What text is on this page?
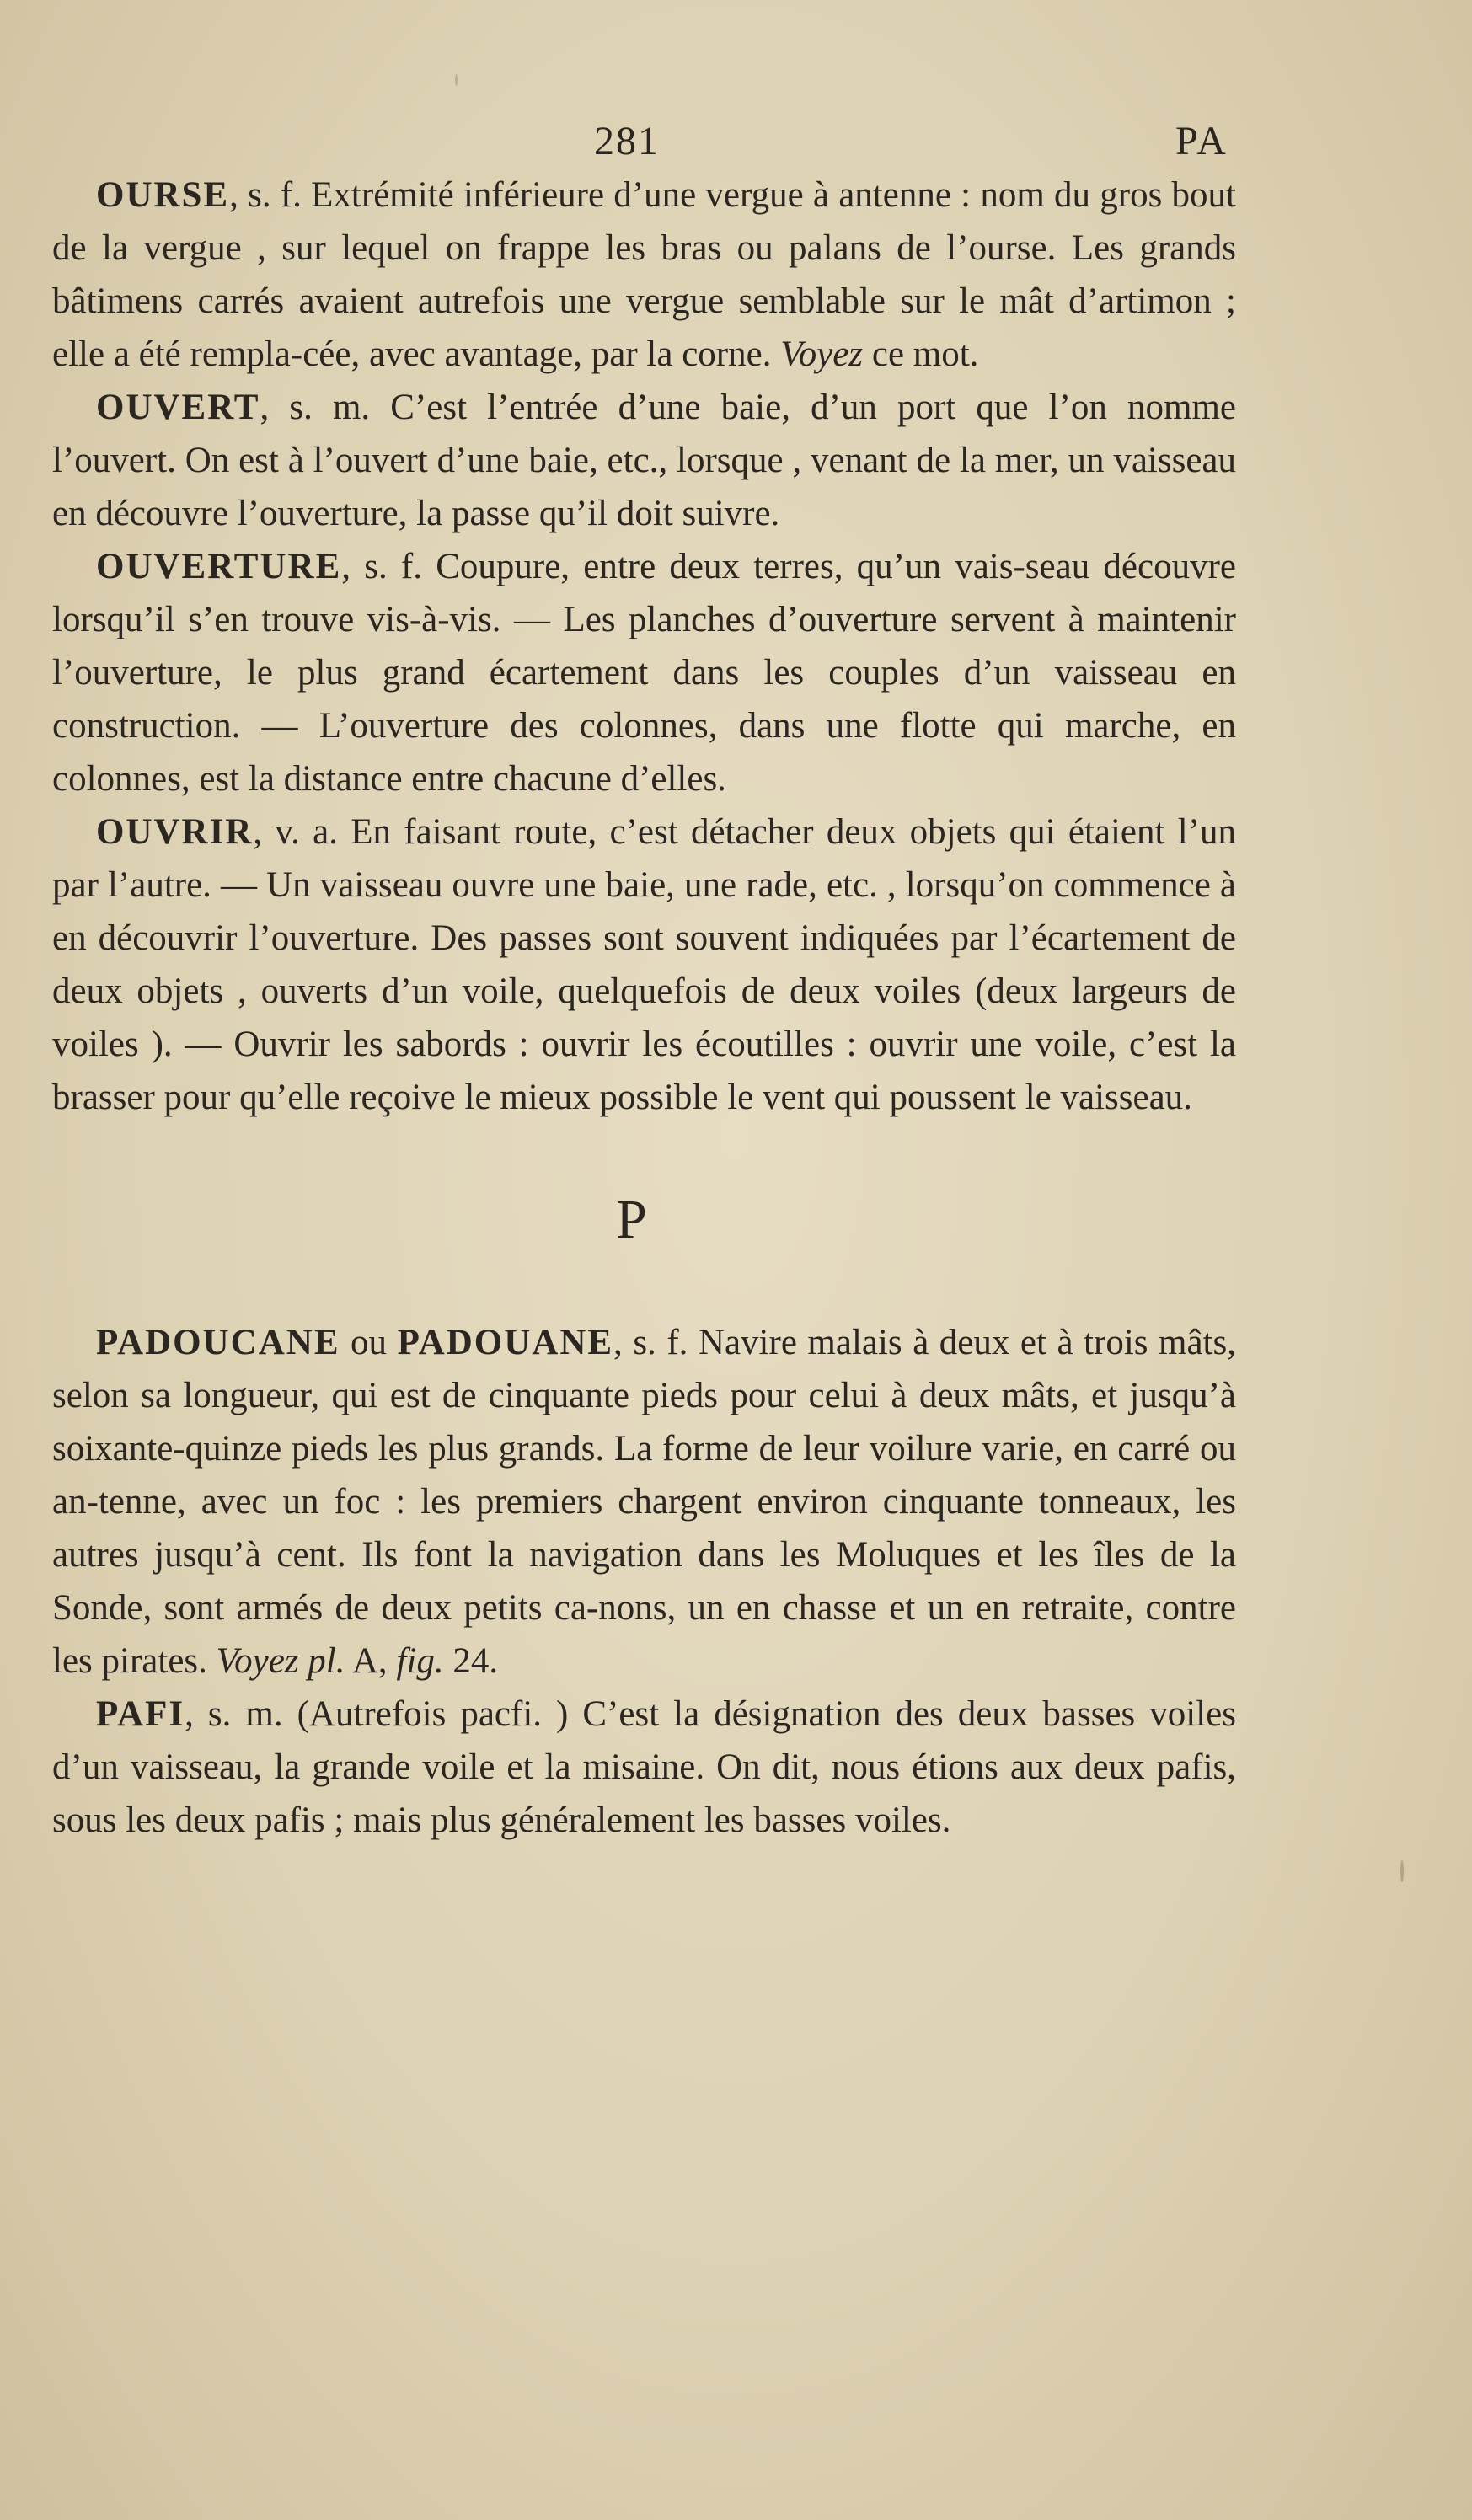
281	PA

OURSE, s. f. Extrémité inférieure d’une vergue à antenne : nom du gros bout de la vergue , sur lequel on frappe les bras ou palans de l’ourse. Les grands bâtimens carrés avaient autrefois une vergue semblable sur le mât d’artimon ; elle a été rempla-cée, avec avantage, par la corne. Voyez ce mot.

OUVERT, s. m. C’est l’entrée d’une baie, d’un port que l’on nomme l’ouvert. On est à l’ouvert d’une baie, etc., lorsque , venant de la mer, un vaisseau en découvre l’ouverture, la passe qu’il doit suivre.

OUVERTURE, s. f. Coupure, entre deux terres, qu’un vais-seau découvre lorsqu’il s’en trouve vis-à-vis. — Les planches d’ouverture servent à maintenir l’ouverture, le plus grand écartement dans les couples d’un vaisseau en construction. — L’ouverture des colonnes, dans une flotte qui marche, en colonnes, est la distance entre chacune d’elles.

OUVRIR, v. a. En faisant route, c’est détacher deux objets qui étaient l’un par l’autre. — Un vaisseau ouvre une baie, une rade, etc. , lorsqu’on commence à en découvrir l’ouverture. Des passes sont souvent indiquées par l’écartement de deux objets , ouverts d’un voile, quelquefois de deux voiles (deux largeurs de voiles ). — Ouvrir les sabords : ouvrir les écoutilles : ouvrir une voile, c’est la brasser pour qu’elle reçoive le mieux possible le vent qui poussent le vaisseau.

P

PADOUCANE ou PADOUANE, s. f. Navire malais à deux et à trois mâts, selon sa longueur, qui est de cinquante pieds pour celui à deux mâts, et jusqu’à soixante-quinze pieds les plus grands. La forme de leur voilure varie, en carré ou an-tenne, avec un foc : les premiers chargent environ cinquante tonneaux, les autres jusqu’à cent. Ils font la navigation dans les Moluques et les îles de la Sonde, sont armés de deux petits ca-nons, un en chasse et un en retraite, contre les pirates. Voyez pl. A, fig. 24.

PAFI, s. m. (Autrefois pacfi. ) C’est la désignation des deux basses voiles d’un vaisseau, la grande voile et la misaine. On dit, nous étions aux deux pafis, sous les deux pafis ; mais plus généralement les basses voiles.
